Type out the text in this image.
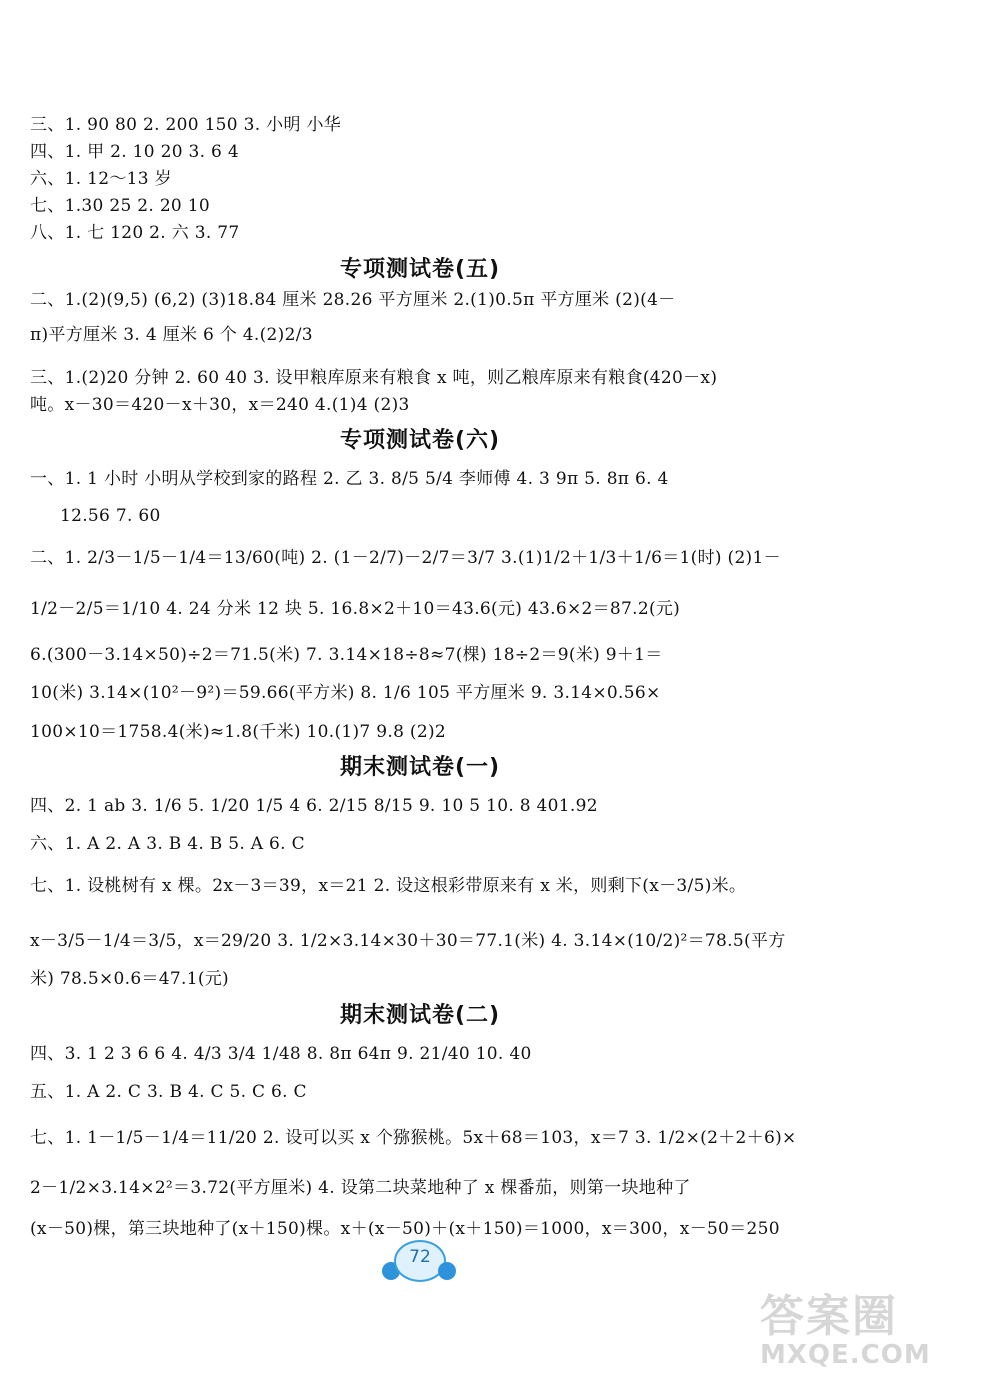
三、1. 90 80 2. 200 150 3. 小明 小华
四、1. 甲 2. 10 20 3. 6 4
六、1. 12～13 岁
七、1.30 25 2. 20 10
八、1. 七 120 2. 六 3. 77
专项测试卷(五)
二、1.(2)(9,5) (6,2) (3)18.84 厘米 28.26 平方厘米 2.(1)0.5π 平方厘米 (2)(4－
π)平方厘米 3. 4 厘米 6 个 4.(2)2/3
三、1.(2)20 分钟 2. 60 40 3. 设甲粮库原来有粮食 x 吨，则乙粮库原来有粮食(420－x)
吨。x－30＝420－x＋30，x＝240 4.(1)4 (2)3
专项测试卷(六)
一、1. 1 小时 小明从学校到家的路程 2. 乙 3. 8/5 5/4 李师傅 4. 3 9π 5. 8π 6. 4
12.56 7. 60
二、1. 2/3－1/5－1/4＝13/60(吨) 2. (1－2/7)－2/7＝3/7 3.(1)1/2＋1/3＋1/6＝1(时) (2)1－
1/2－2/5＝1/10 4. 24 分米 12 块 5. 16.8×2＋10＝43.6(元) 43.6×2＝87.2(元)
6.(300－3.14×50)÷2＝71.5(米) 7. 3.14×18÷8≈7(棵) 18÷2＝9(米) 9＋1＝
10(米) 3.14×(10²－9²)＝59.66(平方米) 8. 1/6 105 平方厘米 9. 3.14×0.56×
100×10＝1758.4(米)≈1.8(千米) 10.(1)7 9.8 (2)2
期末测试卷(一)
四、2. 1 ab 3. 1/6 5. 1/20 1/5 4 6. 2/15 8/15 9. 10 5 10. 8 401.92
六、1. A 2. A 3. B 4. B 5. A 6. C
七、1. 设桃树有 x 棵。2x－3＝39，x＝21 2. 设这根彩带原来有 x 米，则剩下(x－3/5)米。
x－3/5－1/4＝3/5，x＝29/20 3. 1/2×3.14×30＋30＝77.1(米) 4. 3.14×(10/2)²＝78.5(平方
米) 78.5×0.6＝47.1(元)
期末测试卷(二)
四、3. 1 2 3 6 6 4. 4/3 3/4 1/48 8. 8π 64π 9. 21/40 10. 40
五、1. A 2. C 3. B 4. C 5. C 6. C
七、1. 1－1/5－1/4＝11/20 2. 设可以买 x 个猕猴桃。5x＋68＝103，x＝7 3. 1/2×(2＋2＋6)×
2－1/2×3.14×2²＝3.72(平方厘米) 4. 设第二块菜地种了 x 棵番茄，则第一块地种了
(x－50)棵，第三块地种了(x＋150)棵。x＋(x－50)＋(x＋150)＝1000，x＝300，x－50＝250
72
答案圈
MXQE.COM
